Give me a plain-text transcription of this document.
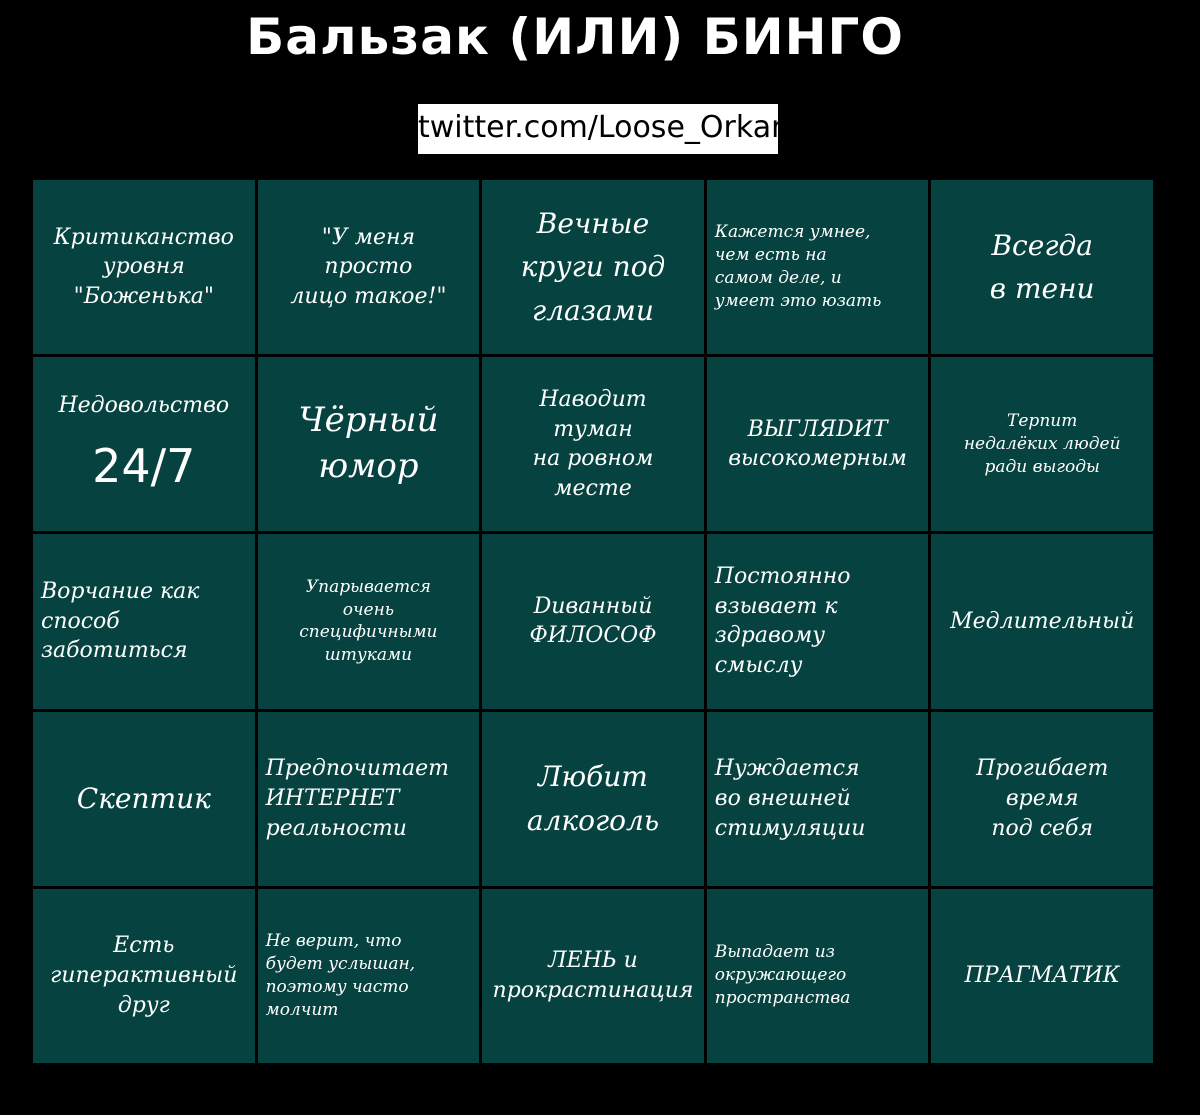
Бальзак (ИЛИ) БИНГО
twitter.com/Loose_Orkan
Критиканство
уровня
"Боженька"
"У меня
просто
лицо такое!"
Вечные
круги под
глазами
Кажется умнее,
чем есть на
самом деле, и
умеет это юзать
Всегда
в тени

Недовольство

24/7

Чёрный
юмор
Наводит
туман
на ровном
месте
ВЫГЛЯDИТ
высокомерным
Терпит
недалёких людей
ради выгоды
Ворчание как
способ
заботиться
Упарывается
очень
специфичными
штуками
Dиванный
ФИЛОСОФ
Постоянно
взывает к
здравому
смыслу
Медлительный
Скептик
Предпочитает
ИНТЕРНЕТ
реальности
Любит
алкоголь
Нуждается
во внешней
стимуляции
Прогибает
время
под себя
Есть
гиперактивный
друг
Не верит, что
будет услышан,
поэтому часто
молчит
ЛЕНЬ и
прокрастинация
Выпадает из
окружающего
пространства
ПРАГМАТИК
